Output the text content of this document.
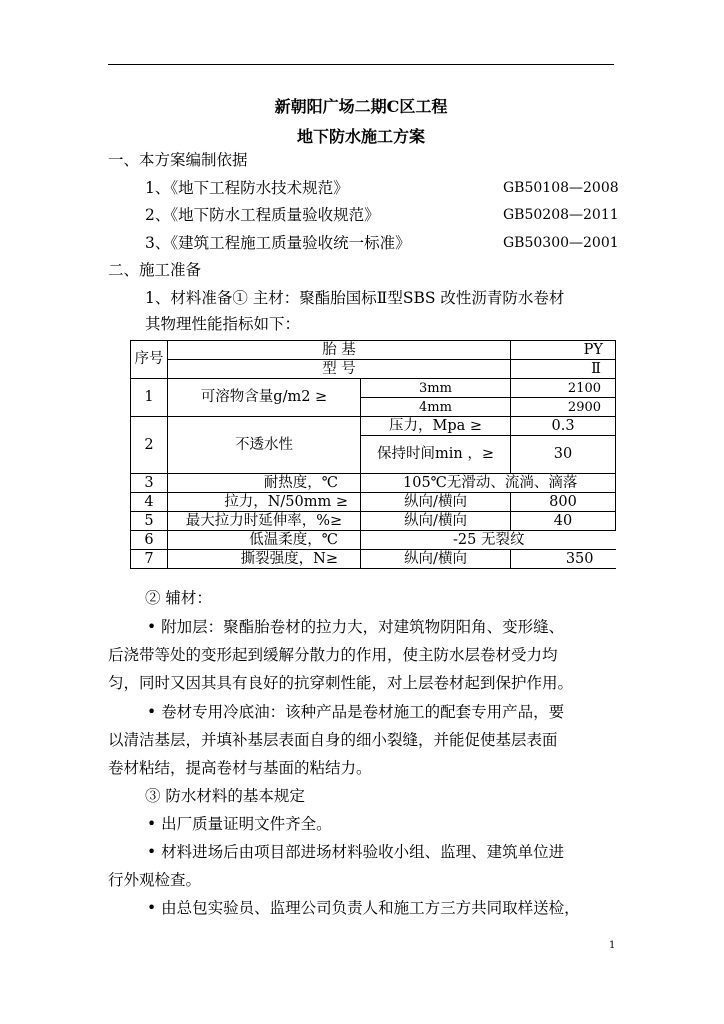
新朝阳广场二期C区工程
地下防水施工方案
一、本方案编制依据
1、《地下工程防水技术规范》	GB50108—2008
2、《地下防水工程质量验收规范》	GB50208—2011
3、《建筑工程施工质量验收统一标准》	GB50300—2001
二、施工准备
1、材料准备① 主材：聚酯胎国标Ⅱ型SBS 改性沥青防水卷材
其物理性能指标如下：
序号	胎 基		PY
	型 号		Ⅱ
1	可溶物含量g/m2 ≥	3mm	2100
		4mm	2900
2	不透水性	压力，Mpa ≥	0.3
		保持时间min ，≥	30
3	耐热度，℃	105℃无滑动、流淌、滴落	
4	拉力，N/50mm ≥	纵向/横向	800
5	最大拉力时延伸率，%≥	纵向/横向	40
6	低温柔度，℃	-25 无裂纹	
7	撕裂强度，N≥	纵向/横向	350
② 辅材：
• 附加层：聚酯胎卷材的拉力大，对建筑物阴阳角、变形缝、
后浇带等处的变形起到缓解分散力的作用，使主防水层卷材受力均
匀，同时又因其具有良好的抗穿刺性能，对上层卷材起到保护作用。
• 卷材专用冷底油：该种产品是卷材施工的配套专用产品，要
以清洁基层，并填补基层表面自身的细小裂缝，并能促使基层表面
卷材粘结，提高卷材与基面的粘结力。
③ 防水材料的基本规定
• 出厂质量证明文件齐全。
• 材料进场后由项目部进场材料验收小组、监理、建筑单位进
行外观检查。
• 由总包实验员、监理公司负责人和施工方三方共同取样送检，
1
